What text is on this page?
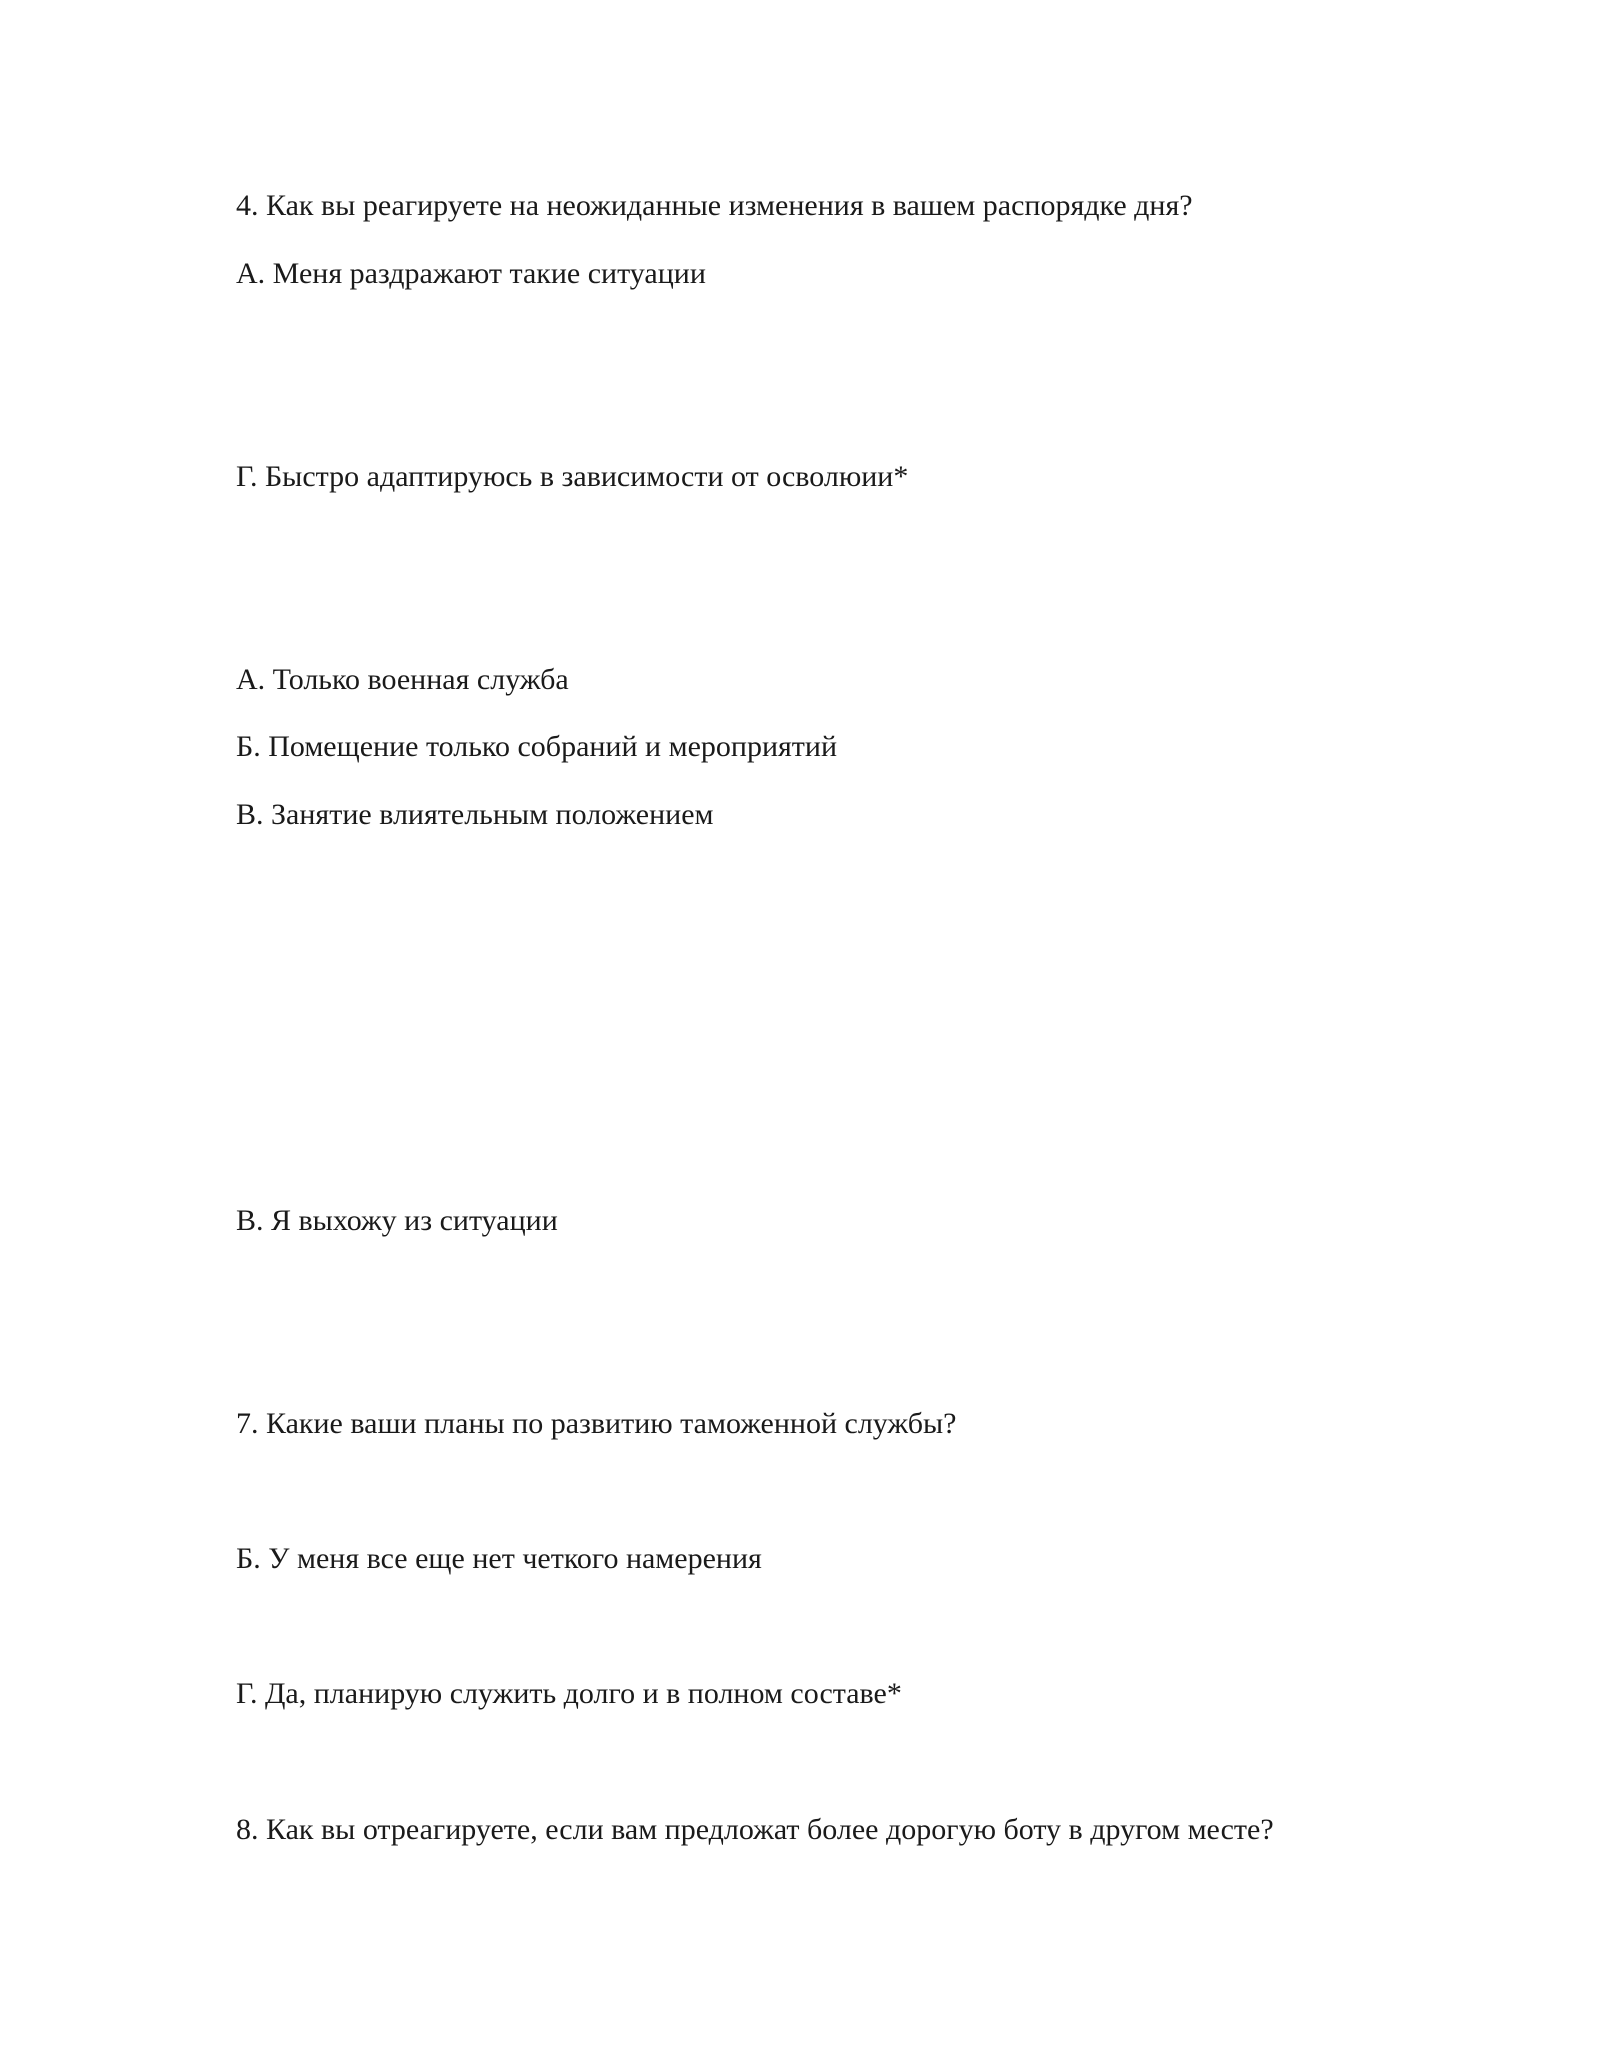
4. Как вы реагируете на неожиданные изменения в вашем распорядке дня?

А. Меня раздражают такие ситуации

Г. Быстро адаптируюсь в зависимости от осволюии*

А. Только военная служба

Б. Помещение только собраний и мероприятий

В. Занятие влиятельным положением

В. Я выхожу из ситуации

7. Какие ваши планы по развитию таможенной службы?

Б. У меня все еще нет четкого намерения

Г. Да, планирую служить долго и в полном составе*

8. Как вы отреагируете, если вам предложат более дорогую боту в другом месте?
